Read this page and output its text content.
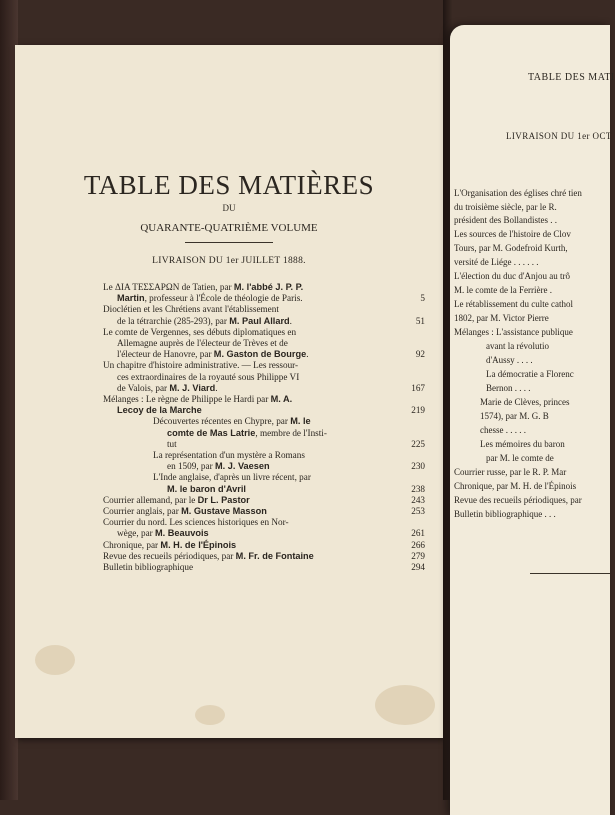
TABLE DES MATIÈRES
DU
QUARANTE-QUATRIÈME VOLUME
LIVRAISON DU 1er JUILLET 1888.
Le ΔΙΑ ΤΕΣΣΑΡΩΝ de Tatien, par M. l'abbé J. P. P.
Martin, professeur à l'École de théologie de Paris.	5
Dioclétien et les Chrétiens avant l'établissement
de la tétrarchie (285-293), par M. Paul Allard.	51
Le comte de Vergennes, ses débuts diplomatiques en
Allemagne auprès de l'électeur de Trèves et de
l'électeur de Hanovre, par M. Gaston de Bourge.	92
Un chapitre d'histoire administrative. — Les ressour-
ces extraordinaires de la royauté sous Philippe VI
de Valois, par M. J. Viard.	167
Mélanges : Le règne de Philippe le Hardi par M. A.
Lecoy de la Marche	219
Découvertes récentes en Chypre, par M. le
comte de Mas Latrie, membre de l'Insti-
tut	225
La représentation d'un mystère a Romans
en 1509, par M. J. Vaesen	230
L'Inde anglaise, d'après un livre récent, par
M. le baron d'Avril	238
Courrier allemand, par le Dr L. Pastor	243
Courrier anglais, par M. Gustave Masson	253
Courrier du nord. Les sciences historiques en Nor-
wège, par M. Beauvois	261
Chronique, par M. H. de l'Épinois	266
Revue des recueils périodiques, par M. Fr. de Fontaine	279
Bulletin bibliographique	294
TABLE DES MATI
LIVRAISON DU 1er OCT
L'Organisation des églises chré tien
du troisième siècle, par le R.
président des Bollandistes . .
Les sources de l'histoire de Clov
Tours, par M. Godefroid Kurth,
versité de Liége . . . . . .
L'élection du duc d'Anjou au trô
M. le comte de la Ferrière .
Le rétablissement du culte cathol
1802, par M. Victor Pierre
Mélanges : L'assistance publique
avant la révolutio
d'Aussy . . . .
La démocratie a Florenc
Bernon . . . .
Marie de Clèves, princes
1574), par M. G. B
chesse . . . . .
Les mémoires du baron
par M. le comte de
Courrier russe, par le R. P. Mar
Chronique, par M. H. de l'Épinois
Revue des recueils périodiques, par
Bulletin bibliographique . . .
